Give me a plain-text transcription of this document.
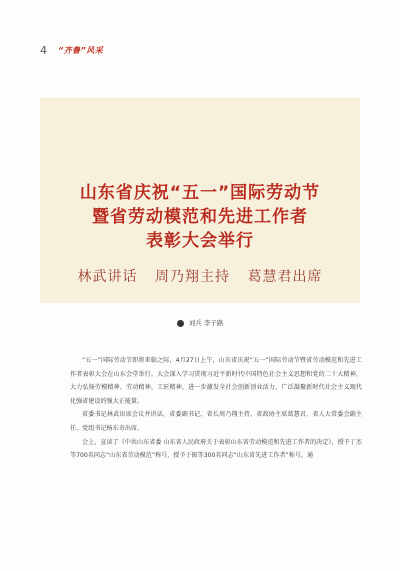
4 “齐鲁”风采
山东省庆祝“五一”国际劳动节
暨省劳动模范和先进工作者
表彰大会举行
林武讲话 周乃翔主持 葛慧君出席
刘兵 李子路

“五一”国际劳动节即将来临之际，4月27日上午，山东省庆祝“五一”国际劳动节暨省劳动模范和先进工作者表彰大会在山东会堂举行。大会深入学习贯彻习近平新时代中国特色社会主义思想和党的二十大精神，大力弘扬劳模精神、劳动精神、工匠精神，进一步激发全社会创新创业活力，广泛凝聚新时代社会主义现代化强省建设的强大正能量。

省委书记林武出席会议并讲话，省委副书记、省长周乃翔主持，省政协主席葛慧君，省人大常委会副主任、党组书记杨东奇出席。

会上，宣读了《中共山东省委 山东省人民政府关于表彰山东省劳动模范和先进工作者的决定》，授予丁杰等700名同志“山东省劳动模范”称号，授予于振等300名同志“山东省先进工作者”称号。通
